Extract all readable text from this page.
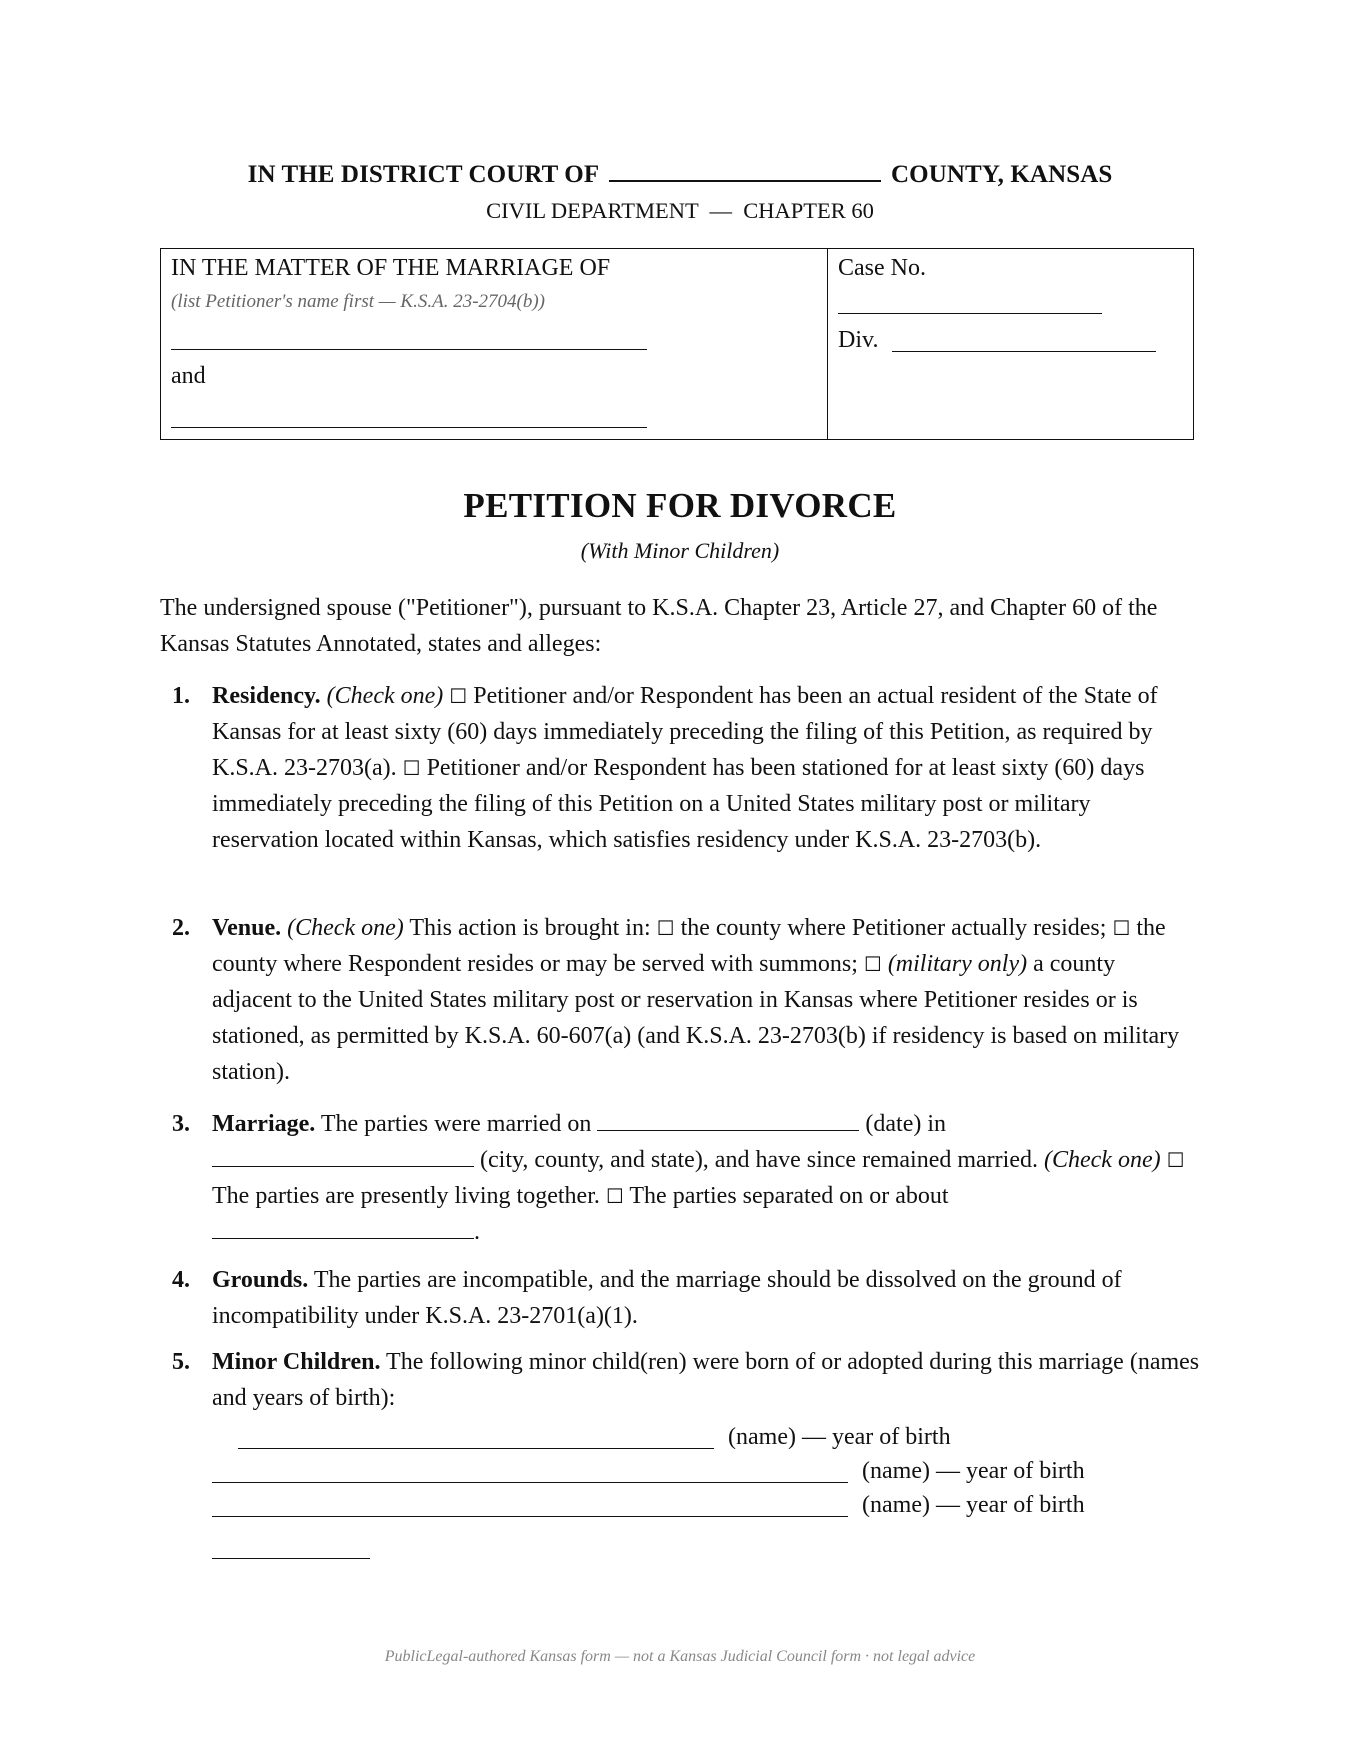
IN THE DISTRICT COURT OF	COUNTY, KANSAS
CIVIL DEPARTMENT  —  CHAPTER 60
IN THE MATTER OF THE MARRIAGE OF
(list Petitioner's name first — K.S.A. 23-2704(b))
and
Case No.
Div.
PETITION FOR DIVORCE
(With Minor Children)
The undersigned spouse ("Petitioner"), pursuant to K.S.A. Chapter 23, Article 27, and Chapter 60 of the Kansas Statutes Annotated, states and alleges:
1. Residency. (Check one) ☐ Petitioner and/or Respondent has been an actual resident of the State of Kansas for at least sixty (60) days immediately preceding the filing of this Petition, as required by K.S.A. 23-2703(a). ☐ Petitioner and/or Respondent has been stationed for at least sixty (60) days immediately preceding the filing of this Petition on a United States military post or military reservation located within Kansas, which satisfies residency under K.S.A. 23-2703(b).
2. Venue. (Check one) This action is brought in: ☐ the county where Petitioner actually resides; ☐ the county where Respondent resides or may be served with summons; ☐ (military only) a county adjacent to the United States military post or reservation in Kansas where Petitioner resides or is stationed, as permitted by K.S.A. 60-607(a) (and K.S.A. 23-2703(b) if residency is based on military station).
3. Marriage. The parties were married on	(date) in  (city, county, and state), and have since remained married. (Check one) ☐ The parties are presently living together. ☐ The parties separated on or about .
4. Grounds. The parties are incompatible, and the marriage should be dissolved on the ground of incompatibility under K.S.A. 23-2701(a)(1).
5. Minor Children. The following minor child(ren) were born of or adopted during this marriage (names and years of birth):
(name) — year of birth
(name) — year of birth
(name) — year of birth
PublicLegal-authored Kansas form — not a Kansas Judicial Council form · not legal advice
